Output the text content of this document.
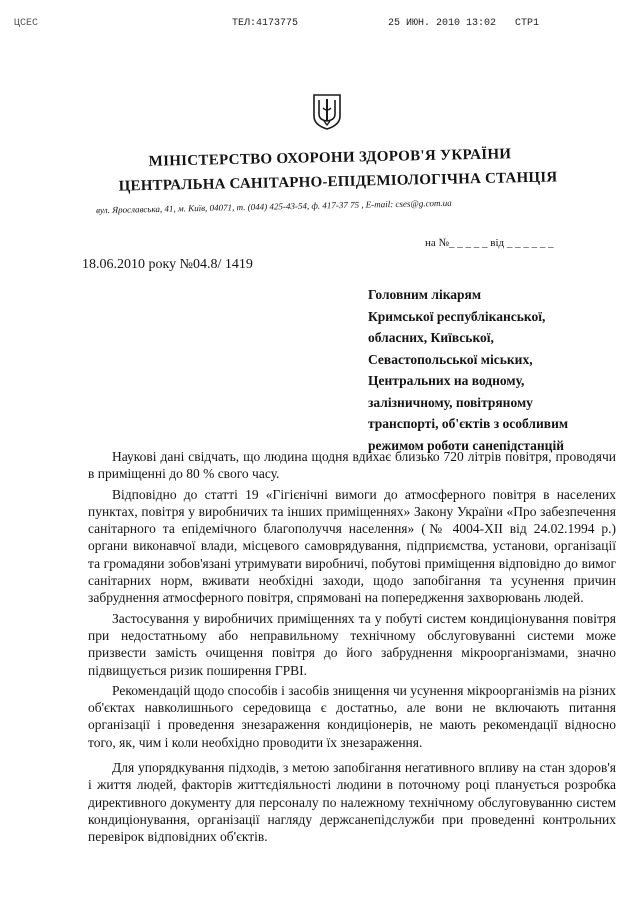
ЦСЕС	ТЕЛ:4173775	25 ИЮН. 2010 13:02 СТР1
МІНІСТЕРСТВО ОХОРОНИ ЗДОРОВ'Я УКРАЇНИ
ЦЕНТРАЛЬНА САНІТАРНО-ЕПІДЕМІОЛОГІЧНА СТАНЦІЯ
вул. Ярославська, 41, м. Київ, 04071, т. (044) 425-43-54, ф. 417-37 75 , E-mail: cses@g.com.ua
на №_ _ _ _ _ від _ _ _ _ _ _
18.06.2010 року №04.8/ 1419
Головним лікарям
Кримської республіканської,
обласних, Київської,
Севастопольської міських,
Центральних на водному,
залізничному, повітряному
транспорті, об'єктів з особливим
режимом роботи санепідстанцій

Наукові дані свідчать, що людина щодня вдихає близько 720 літрів повітря, проводячи в приміщенні до 80 % свого часу.

Відповідно до статті 19 «Гігієнічні вимоги до атмосферного повітря в населених пунктах, повітря у виробничих та інших приміщеннях» Закону України «Про забезпечення санітарного та епідемічного благополуччя населення» (№ 4004-XII від 24.02.1994 р.) органи виконавчої влади, місцевого самоврядування, підприємства, установи, організації та громадяни зобов'язані утримувати виробничі, побутові приміщення відповідно до вимог санітарних норм, вживати необхідні заходи, щодо запобігання та усунення причин забруднення атмосферного повітря, спрямовані на попередження захворювань людей.

Застосування у виробничих приміщеннях та у побуті систем кондиціонування повітря при недостатньому або неправильному технічному обслуговуванні системи може призвести замість очищення повітря до його забруднення мікроорганізмами, значно підвищується ризик поширення ГРВІ.

Рекомендацій щодо способів і засобів знищення чи усунення мікроорганізмів на різних об'єктах навколишнього середовища є достатньо, але вони не включають питання організації і проведення знезараження кондиціонерів, не мають рекомендації відносно того, як, чим і коли необхідно проводити їх знезараження.

Для упорядкування підходів, з метою запобігання негативного впливу на стан здоров'я і життя людей, факторів життєдіяльності людини в поточному році планується розробка директивного документу для персоналу по належному технічному обслуговуванню систем кондиціонування, організації нагляду держсанепідслужби при проведенні контрольних перевірок відповідних об'єктів.
